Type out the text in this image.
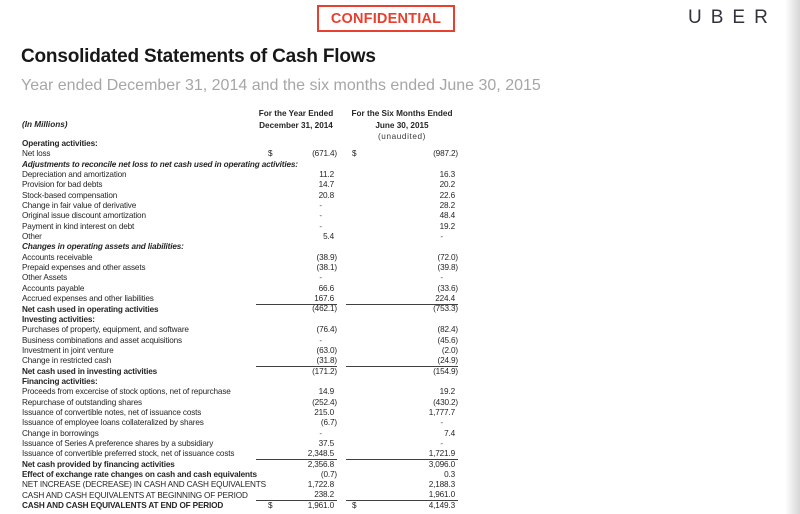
CONFIDENTIAL	UBER
Consolidated Statements of Cash Flows
Year ended December 31, 2014 and the six months ended June 30, 2015
(In Millions)
For the Year Ended
December 31, 2014
For the Six Months Ended
June 30, 2015
(unaudited)
Operating activities:
Net loss	$	(671.4) $	(987.2)
Adjustments to reconcile net loss to net cash used in operating activities:
Depreciation and amortization	11.2	16.3
Provision for bad debts	14.7	20.2
Stock-based compensation	20.8	22.6
Change in fair value of derivative	-	28.2
Original issue discount amortization	-	48.4
Payment in kind interest on debt	-	19.2
Other	5.4	-
Changes in operating assets and liabilities:
Accounts receivable	(38.9)	(72.0)
Prepaid expenses and other assets	(38.1)	(39.8)
Other Assets	-	-
Accounts payable	66.6	(33.6)
Accrued expenses and other liabilities	167.6	224.4
Net cash used in operating activities	(462.1)	(753.3)
Investing activities:
Purchases of property, equipment, and software	(76.4)	(82.4)
Business combinations and asset acquisitions	-	(45.6)
Investment in joint venture	(63.0)	(2.0)
Change in restricted cash	(31.8)	(24.9)
Net cash used in investing activities	(171.2)	(154.9)
Financing activities:
Proceeds from excercise of stock options, net of repurchase	14.9	19.2
Repurchase of outstanding shares	(252.4)	(430.2)
Issuance of convertible notes, net of issuance costs	215.0	1,777.7
Issuance of employee loans collateralized by shares	(6.7)	-
Change in borrowings	-	7.4
Issuance of Series A preference shares by a subsidiary	37.5	-
Issuance of convertible preferred stock, net of issuance costs	2,348.5	1,721.9
Net cash provided by financing activities	2,356.8	3,096.0
Effect of exchange rate changes on cash and cash equivalents	(0.7)	0.3
NET INCREASE (DECREASE) IN CASH AND CASH EQUIVALENTS	1,722.8	2,188.3
CASH AND CASH EQUIVALENTS AT BEGINNING OF PERIOD	238.2	1,961.0
CASH AND CASH EQUIVALENTS AT END OF PERIOD	$	1,961.0	$	4,149.3
